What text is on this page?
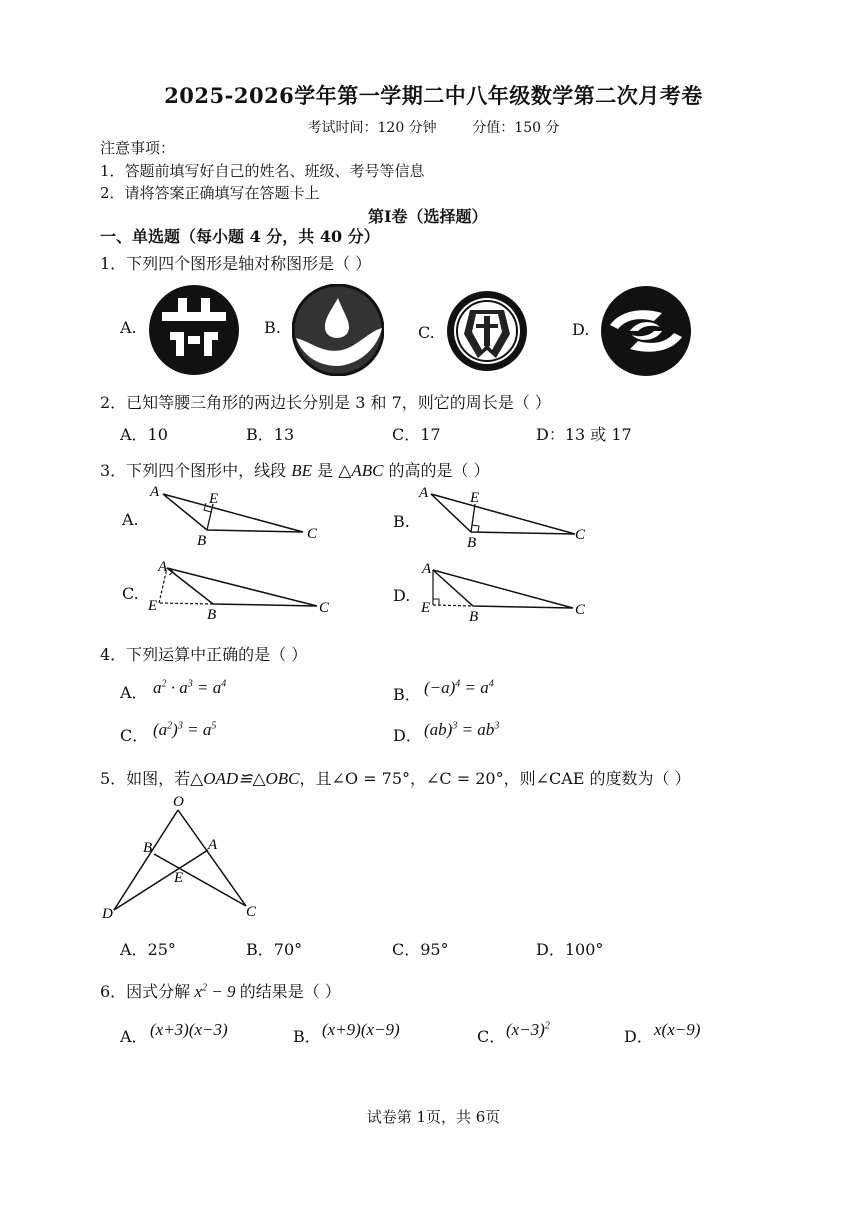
2025-2026学年第一学期二中八年级数学第二次月考卷
考试时间：120 分钟        分值：150 分
注意事项：
1．答题前填写好自己的姓名、班级、考号等信息
2．请将答案正确填写在答题卡上
第Ⅰ卷（选择题）
一、单选题（每小题 4 分，共 40 分）
1．下列四个图形是轴对称图形是（ ）
A.	B.	C.	D.
2．已知等腰三角形的两边长分别是 3 和 7，则它的周长是（ ）
A．10	B．13	C．17	D：13 或 17
3．下列四个图形中，线段 BE 是 △ABC 的高的是（ ）
A.	B.
C.	D.
A	E
B	C
A	E
B	C
A
E
B	C
A
E
B	C
4．下列运算中正确的是（ ）
A． $a^2 \cdot a^3 = a^4$
B． $(-a)^4 = a^4$
C． $(a^2)^3 = a^5$
D． $(ab)^3 = ab^3$
5．如图，若△OAD≌△OBC，且∠O = 75°，∠C = 20°，则∠CAE 的度数为（ ）
O
B	A
E
D	C
A．25°	B．70°	C．95°	D．100°
6．因式分解 $x^2 - 9$ 的结果是（ ）
A． (x+3)(x−3)	B． (x+9)(x−9)	C． $(x-3)^2$
D． x(x−9)
试卷第 1页，共 6页
